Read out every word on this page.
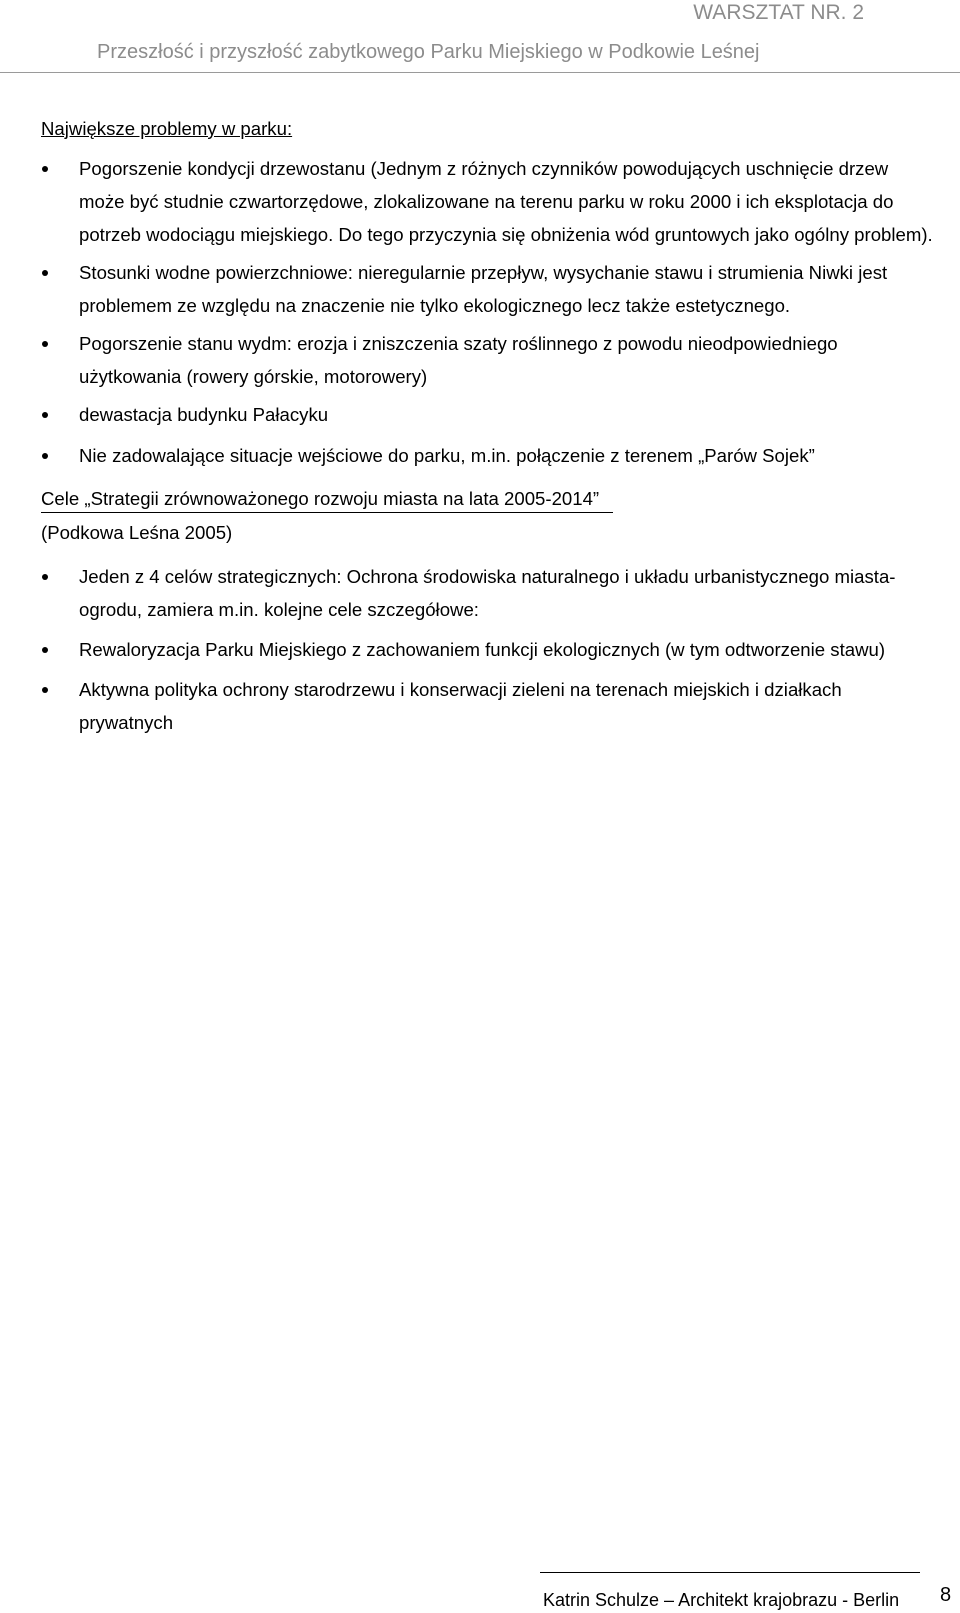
WARSZTAT NR. 2
Przeszłość i przyszłość zabytkowego Parku Miejskiego w Podkowie Leśnej

Największe problemy w parku:

Pogorszenie kondycji drzewostanu (Jednym z różnych czynników powodujących uschnięcie drzew może być studnie czwartorzędowe, zlokalizowane na terenu parku w roku 2000 i ich eksplotacja do potrzeb wodociągu miejskiego. Do tego przyczynia się obniżenia wód gruntowych jako ogólny problem).
Stosunki wodne powierzchniowe: nieregularnie przepływ, wysychanie stawu i strumienia Niwki jest problemem ze względu na znaczenie nie tylko ekologicznego lecz także estetycznego.
Pogorszenie stanu wydm: erozja i zniszczenia szaty roślinnego z powodu nieodpowiedniego użytkowania (rowery górskie, motorowery)
dewastacja budynku Pałacyku
Nie zadowalające situacje wejściowe do parku, m.in. połączenie z terenem „Parów Sojek”

Cele „Strategii zrównoważonego rozwoju miasta na lata 2005-2014”

(Podkowa Leśna 2005)

Jeden z 4 celów strategicznych: Ochrona środowiska naturalnego i układu urbanistycznego miasta-ogrodu, zamiera m.in. kolejne cele szczegółowe:
Rewaloryzacja Parku Miejskiego z zachowaniem funkcji ekologicznych (w tym odtworzenie stawu)
Aktywna polityka ochrony starodrzewu i konserwacji zieleni na terenach miejskich i działkach prywatnych
Katrin Schulze – Architekt krajobrazu - Berlin 8
